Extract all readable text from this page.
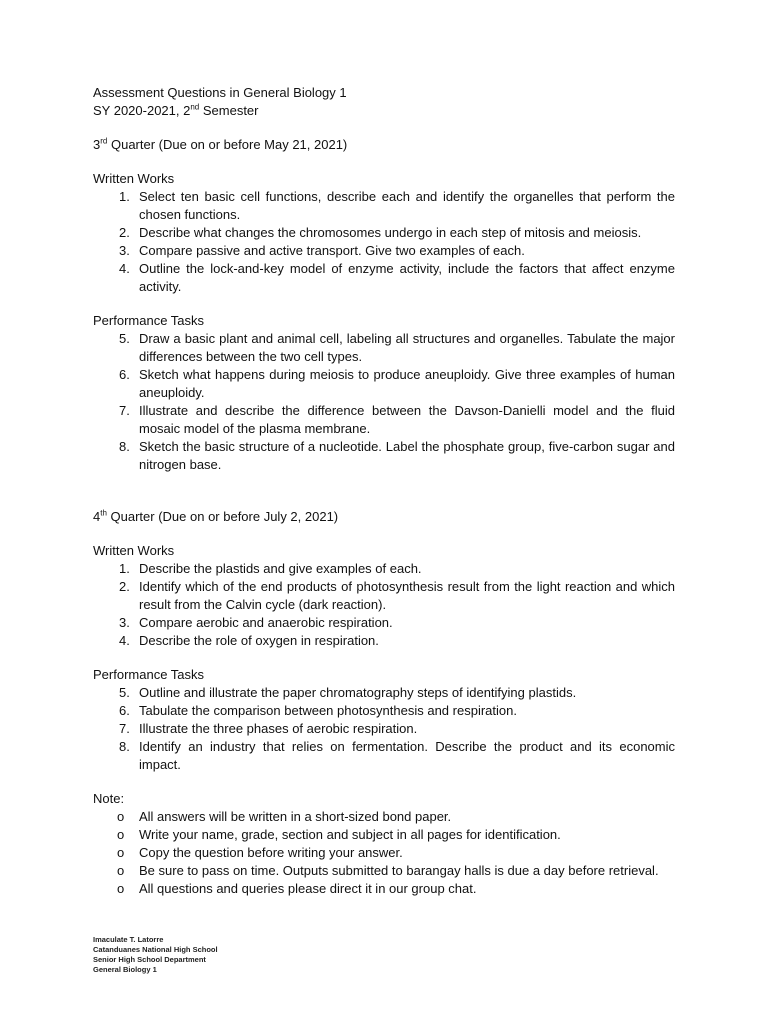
Assessment Questions in General Biology 1

SY 2020-2021, 2nd Semester

3rd Quarter (Due on or before May 21, 2021)

Written Works

1. Select ten basic cell functions, describe each and identify the organelles that perform the chosen functions.
2. Describe what changes the chromosomes undergo in each step of mitosis and meiosis.
3. Compare passive and active transport. Give two examples of each.
4. Outline the lock-and-key model of enzyme activity, include the factors that affect enzyme activity.

Performance Tasks

5. Draw a basic plant and animal cell, labeling all structures and organelles. Tabulate the major differences between the two cell types.
6. Sketch what happens during meiosis to produce aneuploidy. Give three examples of human aneuploidy.
7. Illustrate and describe the difference between the Davson-Danielli model and the fluid mosaic model of the plasma membrane.
8. Sketch the basic structure of a nucleotide. Label the phosphate group, five-carbon sugar and nitrogen base.

4th Quarter (Due on or before July 2, 2021)

Written Works

1. Describe the plastids and give examples of each.
2. Identify which of the end products of photosynthesis result from the light reaction and which result from the Calvin cycle (dark reaction).
3. Compare aerobic and anaerobic respiration.
4. Describe the role of oxygen in respiration.

Performance Tasks

5. Outline and illustrate the paper chromatography steps of identifying plastids.
6. Tabulate the comparison between photosynthesis and respiration.
7. Illustrate the three phases of aerobic respiration.
8. Identify an industry that relies on fermentation. Describe the product and its economic impact.

Note:

o	All answers will be written in a short-sized bond paper.
o	Write your name, grade, section and subject in all pages for identification.
o	Copy the question before writing your answer.
o	Be sure to pass on time. Outputs submitted to barangay halls is due a day before retrieval.
o	All questions and queries please direct it in our group chat.
Imaculate T. Latorre
Catanduanes National High School
Senior High School Department
General Biology 1
